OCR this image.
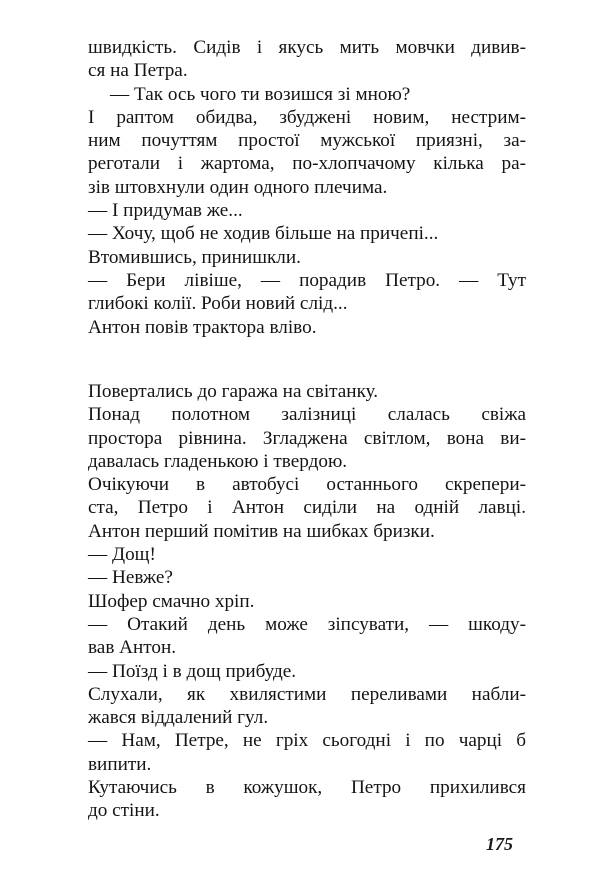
швидкість. Сидів і якусь мить мовчки дивив-
ся на Петра.

— Так ось чого ти возишся зі мною?

І раптом обидва, збуджені новим, нестрим-
ним почуттям простої мужської приязні, за-
реготали і жартома, по-хлопчачому кілька ра-
зів штовхнули один одного плечима.

— І придумав же...

— Хочу, щоб не ходив більше на причепі...

Втомившись, принишкли.

— Бери лівіше, — порадив Петро. — Тут
глибокі колії. Роби новий слід...

Антон повів трактора вліво.

Повертались до гаража на світанку.

Понад полотном залізниці слалась свіжа
простора рівнина. Згладжена світлом, вона ви-
давалась гладенькою і твердою.

Очікуючи в автобусі останнього скрепери-
ста, Петро і Антон сиділи на одній лавці.
Антон перший помітив на шибках бризки.

— Дощ!

— Невже?

Шофер смачно хріп.

— Отакий день може зіпсувати, — шкоду-
вав Антон.

— Поїзд і в дощ прибуде.

Слухали, як хвилястими переливами набли-
жався віддалений гул.

— Нам, Петре, не гріх сьогодні і по чарці б
випити.

Кутаючись в кожушок, Петро прихилився
до стіни.

175
